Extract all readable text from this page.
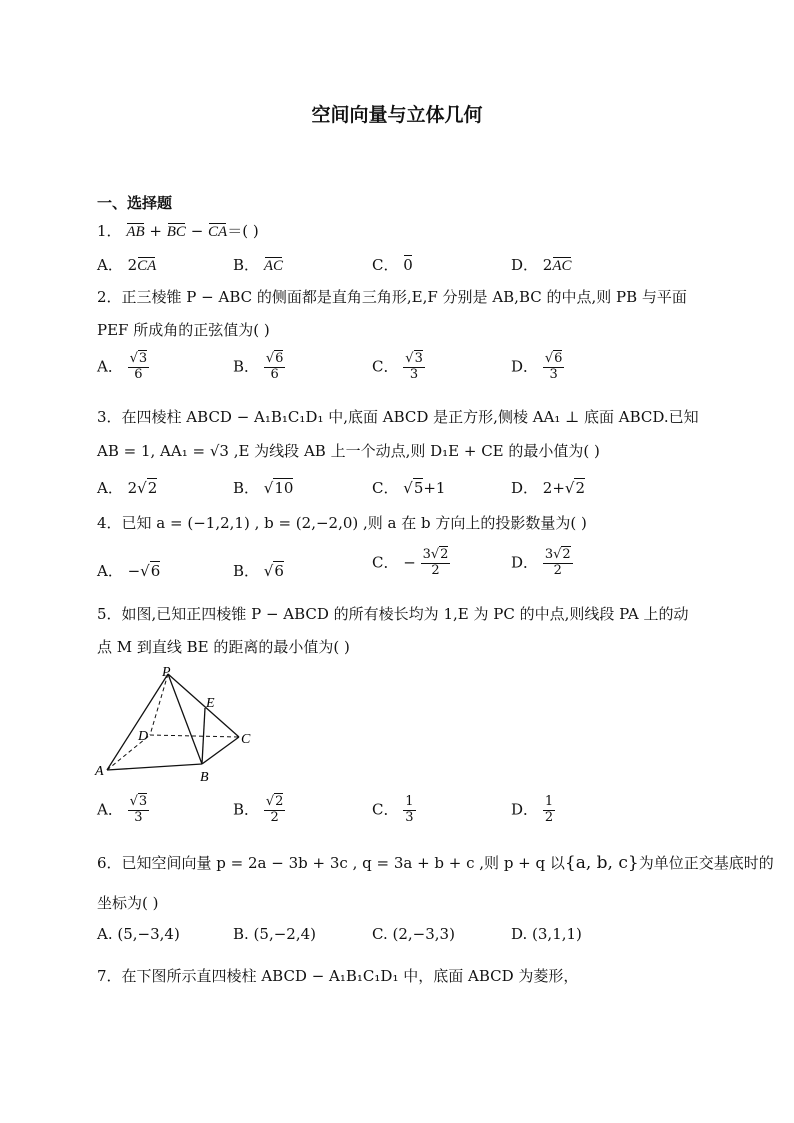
空间向量与立体几何
一、选择题
1． AB + BC − CA＝( )
A． 2CA	B． AC	C． 0	D． 2AC
2．正三棱锥 P − ABC 的侧面都是直角三角形,E,F 分别是 AB,BC 的中点,则 PB 与平面
PEF 所成角的正弦值为( )
A． $\frac{√3}{6}$	B． $\frac{√6}{6}$	C． $\frac{√3}{3}$	D． $\frac{√6}{3}$
3．在四棱柱 ABCD − A₁B₁C₁D₁ 中,底面 ABCD 是正方形,侧棱 AA₁ ⊥ 底面 ABCD.已知
AB = 1, AA₁ = √3 ,E 为线段 AB 上一个动点,则 D₁E + CE 的最小值为( )
A． 2√2	B． √10	C． √5+1	D． 2+√2
4．已知 a = (−1,2,1) , b = (2,−2,0) ,则 a 在 b 方向上的投影数量为( )
A． −√6	B． √6	C． − $\frac{3√2}{2}$	D． $\frac{3√2}{2}$
5．如图,已知正四棱锥 P − ABCD 的所有棱长均为 1,E 为 PC 的中点,则线段 PA 上的动
点 M 到直线 BE 的距离的最小值为( )
P
E
D	C
A	B
A． $\frac{√3}{3}$	B． $\frac{√2}{2}$	C． $\frac{1}{3}$	D． $\frac{1}{2}$
6．已知空间向量 p = 2a − 3b + 3c , q = 3a + b + c ,则 p + q 以{a, b, c}为单位正交基底时的
坐标为( )
A. (5,−3,4)	B. (5,−2,4)	C. (2,−3,3)	D. (3,1,1)
7．在下图所示直四棱柱 ABCD − A₁B₁C₁D₁ 中，底面 ABCD 为菱形，
